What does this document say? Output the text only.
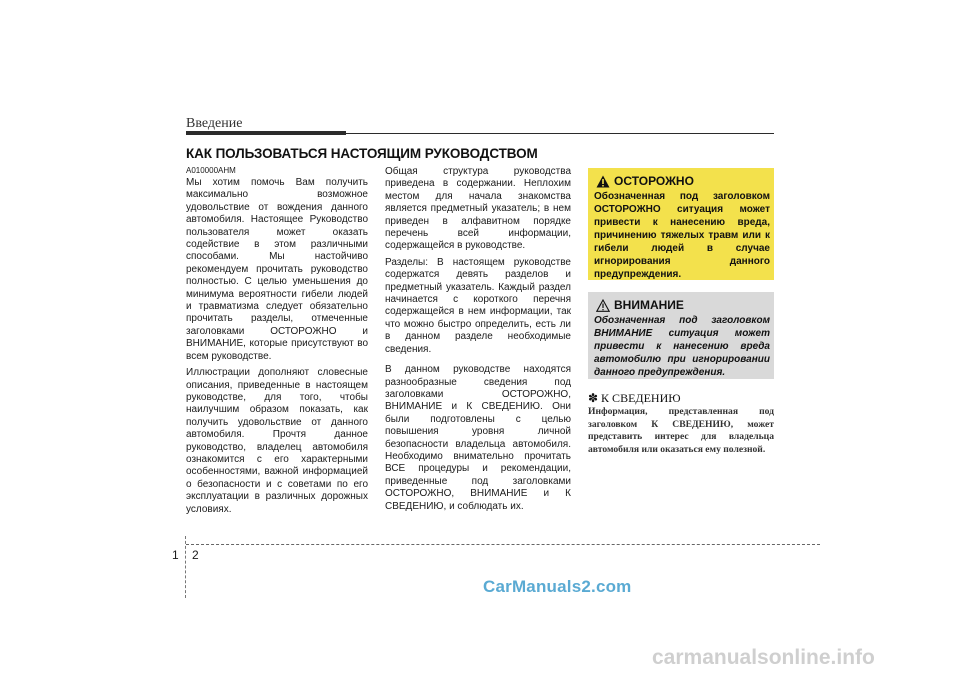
Введение
КАК ПОЛЬЗОВАТЬСЯ НАСТОЯЩИМ РУКОВОДСТВОМ

A010000AHM

Мы хотим помочь Вам получить максимально возможное удовольствие от вождения данного автомобиля. Настоящее Руководство пользователя может оказать содействие в этом различными способами. Мы настойчиво рекомендуем прочитать руководство полностью. С целью уменьшения до минимума вероятности гибели людей и травматизма следует обязательно прочитать разделы, отмеченные заголовками ОСТОРОЖНО и ВНИМАНИЕ, которые присутствуют во всем руководстве.

Иллюстрации дополняют словесные описания, приведенные в настоящем руководстве, для того, чтобы наилучшим образом показать, как получить удовольствие от данного автомобиля. Прочтя данное руководство, владелец автомобиля ознакомится с его характерными особенностями, важной информацией о безопасности и с советами по его эксплуатации в различных дорожных условиях.

Общая структура руководства приведена в содержании. Неплохим местом для начала знакомства является предметный указатель; в нем приведен в алфавитном порядке перечень всей информации, содержащейся в руководстве.

Разделы: В настоящем руководстве содержатся девять разделов и предметный указатель. Каждый раздел начинается с короткого перечня содержащейся в нем информации, так что можно быстро определить, есть ли в данном разделе необходимые сведения.

В данном руководстве находятся разнообразные сведения под заголовками ОСТОРОЖНО, ВНИМАНИЕ и К СВЕДЕНИЮ. Они были подготовлены с целью повышения уровня личной безопасности владельца автомобиля. Необходимо внимательно прочитать ВСЕ процедуры и рекомендации, приведенные под заголовками ОСТОРОЖНО, ВНИМАНИЕ и К СВЕДЕНИЮ, и соблюдать их.

ОСТОРОЖНО
Обозначенная под заголовком ОСТОРОЖНО ситуация может привести к нанесению вреда, причинению тяжелых травм или к гибели людей в случае игнорирования данного предупреждения.
ВНИМАНИЕ
Обозначенная под заголовком ВНИМАНИЕ ситуация может привести к нанесению вреда автомобилю при игнорировании данного предупреждения.
✽ К СВЕДЕНИЮ
Информация, представленная под заголовком К СВЕДЕНИЮ, может представить интерес для владельца автомобиля или оказаться ему полезной.
1 2
CarManuals2.com
carmanualsonline.info
